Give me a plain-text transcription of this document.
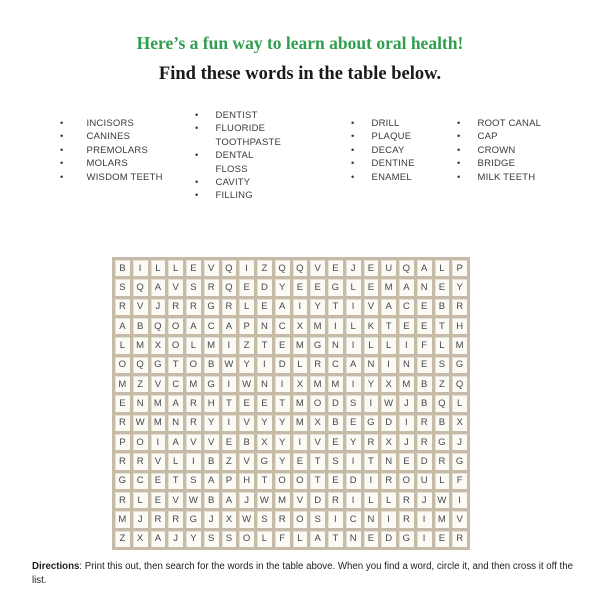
Here’s a fun way to learn about oral health!
Find these words in the table below.
• INCISORS
• CANINES
• PREMOLARS
• MOLARS
• WISDOM TEETH
• DENTIST
• FLUORIDE TOOTHPASTE
• DENTAL FLOSS
• CAVITY
• FILLING
• DRILL
• PLAQUE
• DECAY
• DENTINE
• ENAMEL
• ROOT CANAL
• CAP
• CROWN
• BRIDGE
• MILK TEETH
B	I	L	L	E	V	Q	I	Z	Q	Q	V	E	J	E	U	Q	A	L	P
S	Q	A	V	S	R	Q	E	D	Y	E	E	G	L	E	M	A	N	E	Y
R	V	J	R	R	G	R	L	E	A	I	Y	T	I	V	A	C	E	B	R
A	B	Q	O	A	C	A	P	N	C	X	M	I	L	K	T	E	E	T	H
L	M	X	O	L	M	I	Z	T	E	M	G	N	I	L	L	I	F	L	M
O	Q	G	T	O	B	W	Y	I	D	L	R	C	A	N	I	N	E	S	G
M	Z	V	C	M	G	I	W	N	I	X	M	M	I	Y	X	M	B	Z	Q
E	N	M	A	R	H	T	E	E	T	M	O	D	S	I	W	J	B	Q	L
R	W M	N	R	Y	I	V	Y	Y	M	X	B	E	G	D	I	R	B	X
P	O	I	A	V	V	E	B	X	Y	I	V	E	Y	R	X	J	R	G	J
R	R	V	L	I	B	Z	V	G	Y	E	T	S	I	T	N	E	D	R	G
G	C	E	T	S	A	P	H	T	O	O	T	E	D	I	R	O	U	L	F
R	L	E	V	W	B	A	J	W M	V	D	R	I	L	L	R	J	W	I
M	J	R	R	G	J	X	W	S	R	O	S	I	C	N	I	R	I	M	V
Z	X	A	J	Y	S	S	O	L	F	L	A	T	N	E	D	G	I	E	R
Directions: Print this out, then search for the words in the table above. When you find a word, circle it, and then cross it off the list.
